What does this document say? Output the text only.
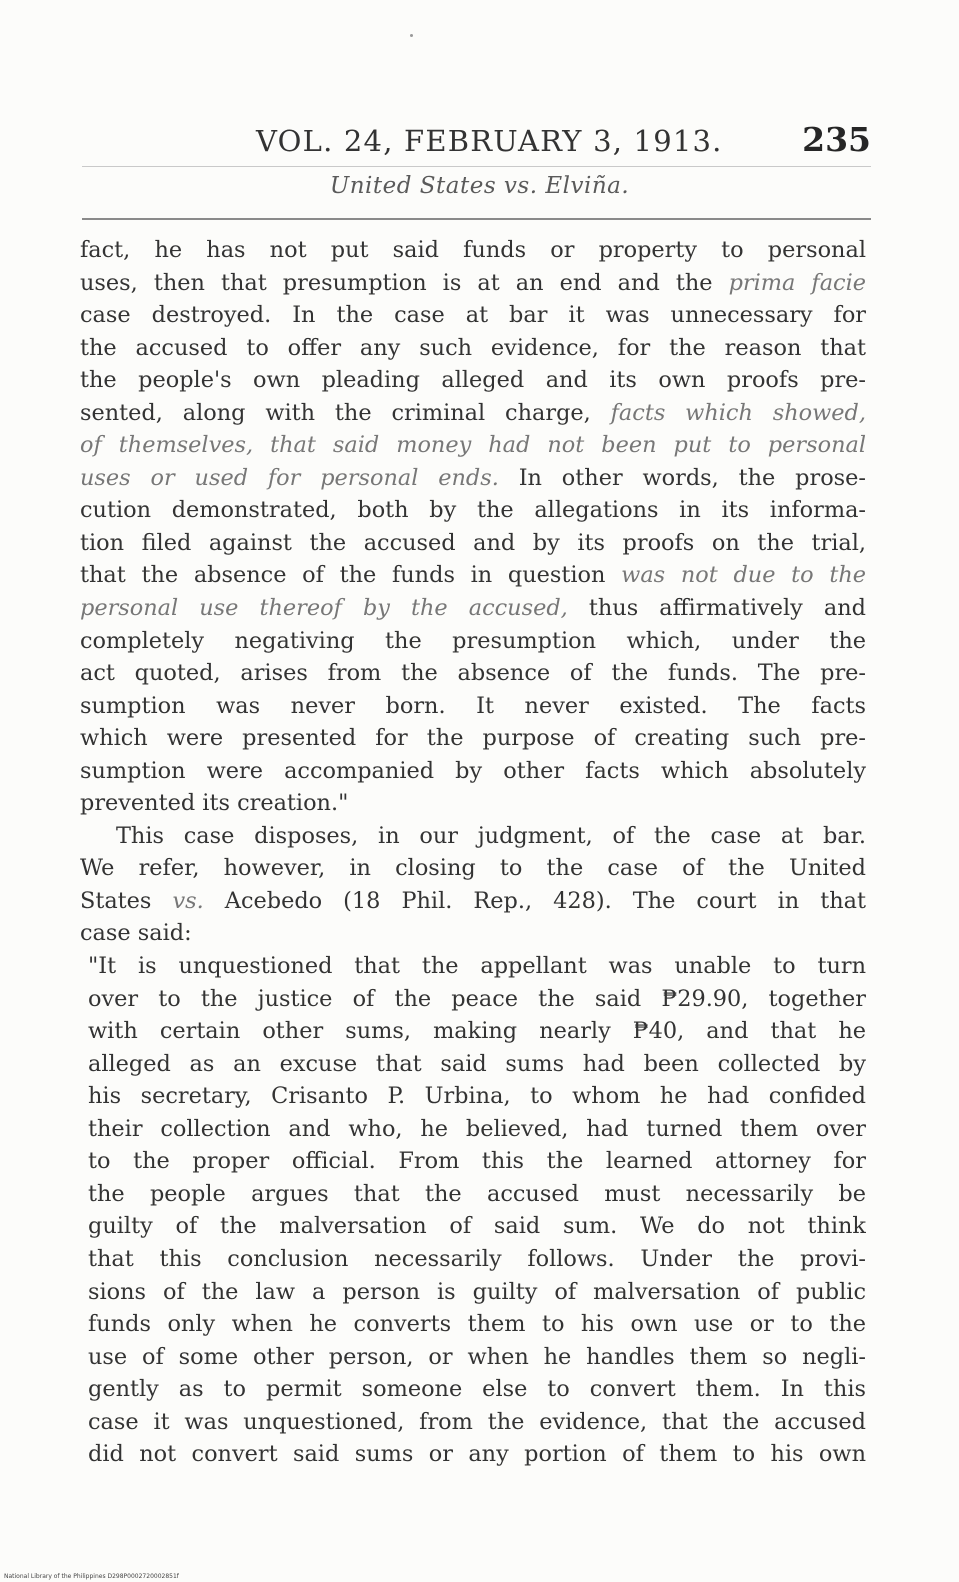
VOL. 24, FEBRUARY 3, 1913. 235
United States vs. Elviña.
fact, he has not put said funds or property to personal
uses, then that presumption is at an end and the prima facie
case destroyed. In the case at bar it was unnecessary for
the accused to offer any such evidence, for the reason that
the people's own pleading alleged and its own proofs pre-
sented, along with the criminal charge, facts which showed,
of themselves, that said money had not been put to personal
uses or used for personal ends. In other words, the prose-
cution demonstrated, both by the allegations in its informa-
tion filed against the accused and by its proofs on the trial,
that the absence of the funds in question was not due to the
personal use thereof by the accused, thus affirmatively and
completely negativing the presumption which, under the
act quoted, arises from the absence of the funds. The pre-
sumption was never born. It never existed. The facts
which were presented for the purpose of creating such pre-
sumption were accompanied by other facts which absolutely
prevented its creation."
This case disposes, in our judgment, of the case at bar.
We refer, however, in closing to the case of the United
States vs. Acebedo (18 Phil. Rep., 428). The court in that
case said:
"It is unquestioned that the appellant was unable to turn
over to the justice of the peace the said ₱29.90, together
with certain other sums, making nearly ₱40, and that he
alleged as an excuse that said sums had been collected by
his secretary, Crisanto P. Urbina, to whom he had confided
their collection and who, he believed, had turned them over
to the proper official. From this the learned attorney for
the people argues that the accused must necessarily be
guilty of the malversation of said sum. We do not think
that this conclusion necessarily follows. Under the provi-
sions of the law a person is guilty of malversation of public
funds only when he converts them to his own use or to the
use of some other person, or when he handles them so negli-
gently as to permit someone else to convert them. In this
case it was unquestioned, from the evidence, that the accused
did not convert said sums or any portion of them to his own
National Library of the Philippines D298P0002720002851f
